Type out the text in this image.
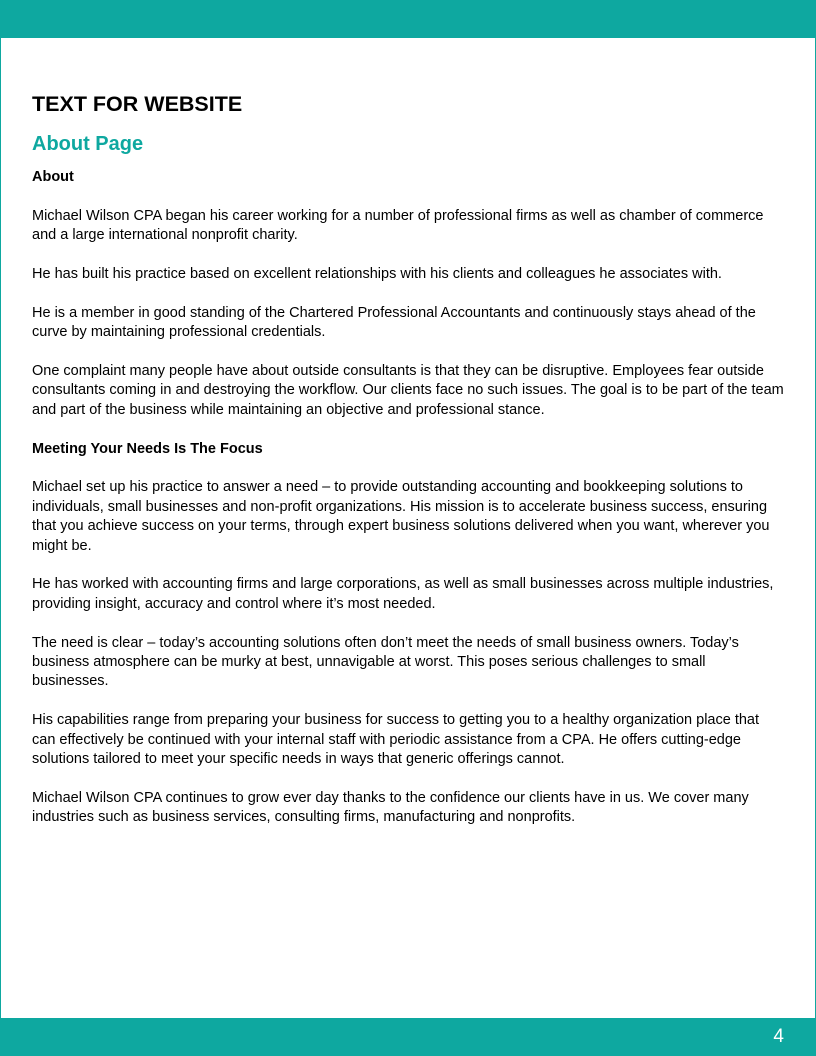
TEXT FOR WEBSITE
About Page
About

Michael Wilson CPA began his career working for a number of professional firms as well as chamber of commerce and a large international nonprofit charity.

He has built his practice based on excellent relationships with his clients and colleagues he associates with.

He is a member in good standing of the Chartered Professional Accountants and continuously stays ahead of the curve by maintaining professional credentials.

One complaint many people have about outside consultants is that they can be disruptive. Employees fear outside consultants coming in and destroying the workflow. Our clients face no such issues. The goal is to be part of the team and part of the business while maintaining an objective and professional stance.

Meeting Your Needs Is The Focus

Michael set up his practice to answer a need – to provide outstanding accounting and bookkeeping solutions to individuals, small businesses and non-profit organizations. His mission is to accelerate business success, ensuring that you achieve success on your terms, through expert business solutions delivered when you want, wherever you might be.

He has worked with accounting firms and large corporations, as well as small businesses across multiple industries, providing insight, accuracy and control where it’s most needed.

The need is clear – today’s accounting solutions often don’t meet the needs of small business owners. Today’s business atmosphere can be murky at best, unnavigable at worst. This poses serious challenges to small businesses.

His capabilities range from preparing your business for success to getting you to a healthy organization place that can effectively be continued with your internal staff with periodic assistance from a CPA. He offers cutting-edge solutions tailored to meet your specific needs in ways that generic offerings cannot.

Michael Wilson CPA continues to grow ever day thanks to the confidence our clients have in us. We cover many industries such as business services, consulting firms, manufacturing and nonprofits.

4
